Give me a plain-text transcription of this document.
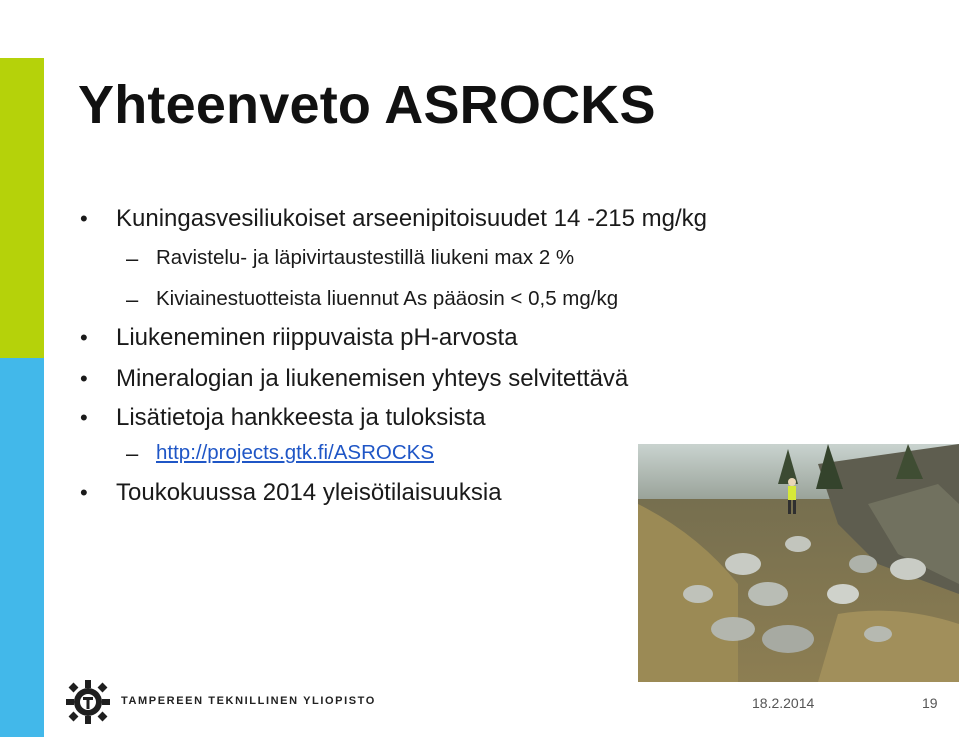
Yhteenveto ASROCKS
• Kuningasvesiliukoiset arseenipitoisuudet 14 -215 mg/kg
– Ravistelu- ja läpivirtaustestillä liukeni max 2 %
– Kiviainestuotteista liuennut As pääosin < 0,5 mg/kg
• Liukeneminen riippuvaista pH-arvosta
• Mineralogian ja liukenemisen yhteys selvitettävä
• Lisätietoja hankkeesta ja tuloksista
– http://projects.gtk.fi/ASROCKS
• Toukokuussa 2014 yleisötilaisuuksia
TAMPEREEN TEKNILLINEN YLIOPISTO	18.2.2014	19
